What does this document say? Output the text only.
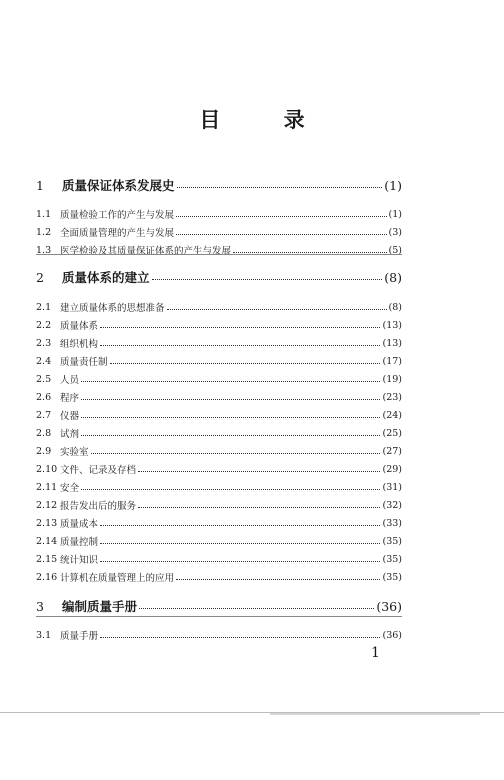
目 录
1	质量保证体系发展史	(1)
1.1 质量检验工作的产生与发展	(1)
1.2 全面质量管理的产生与发展	(3)
1.3 医学检验及其质量保证体系的产生与发展	(5)
2	质量体系的建立	(8)
2.1 建立质量体系的思想准备	(8)
2.2 质量体系	(13)
2.3 组织机构	(13)
2.4 质量责任制	(17)
2.5 人员	(19)
2.6 程序	(23)
2.7 仪器	(24)
2.8 试剂	(25)
2.9 实验室	(27)
2.10 文件、记录及存档	(29)
2.11 安全	(31)
2.12 报告发出后的服务	(32)
2.13 质量成本	(33)
2.14 质量控制	(35)
2.15 统计知识	(35)
2.16 计算机在质量管理上的应用	(35)
3	编制质量手册	(36)
3.1 质量手册	(36)
1
